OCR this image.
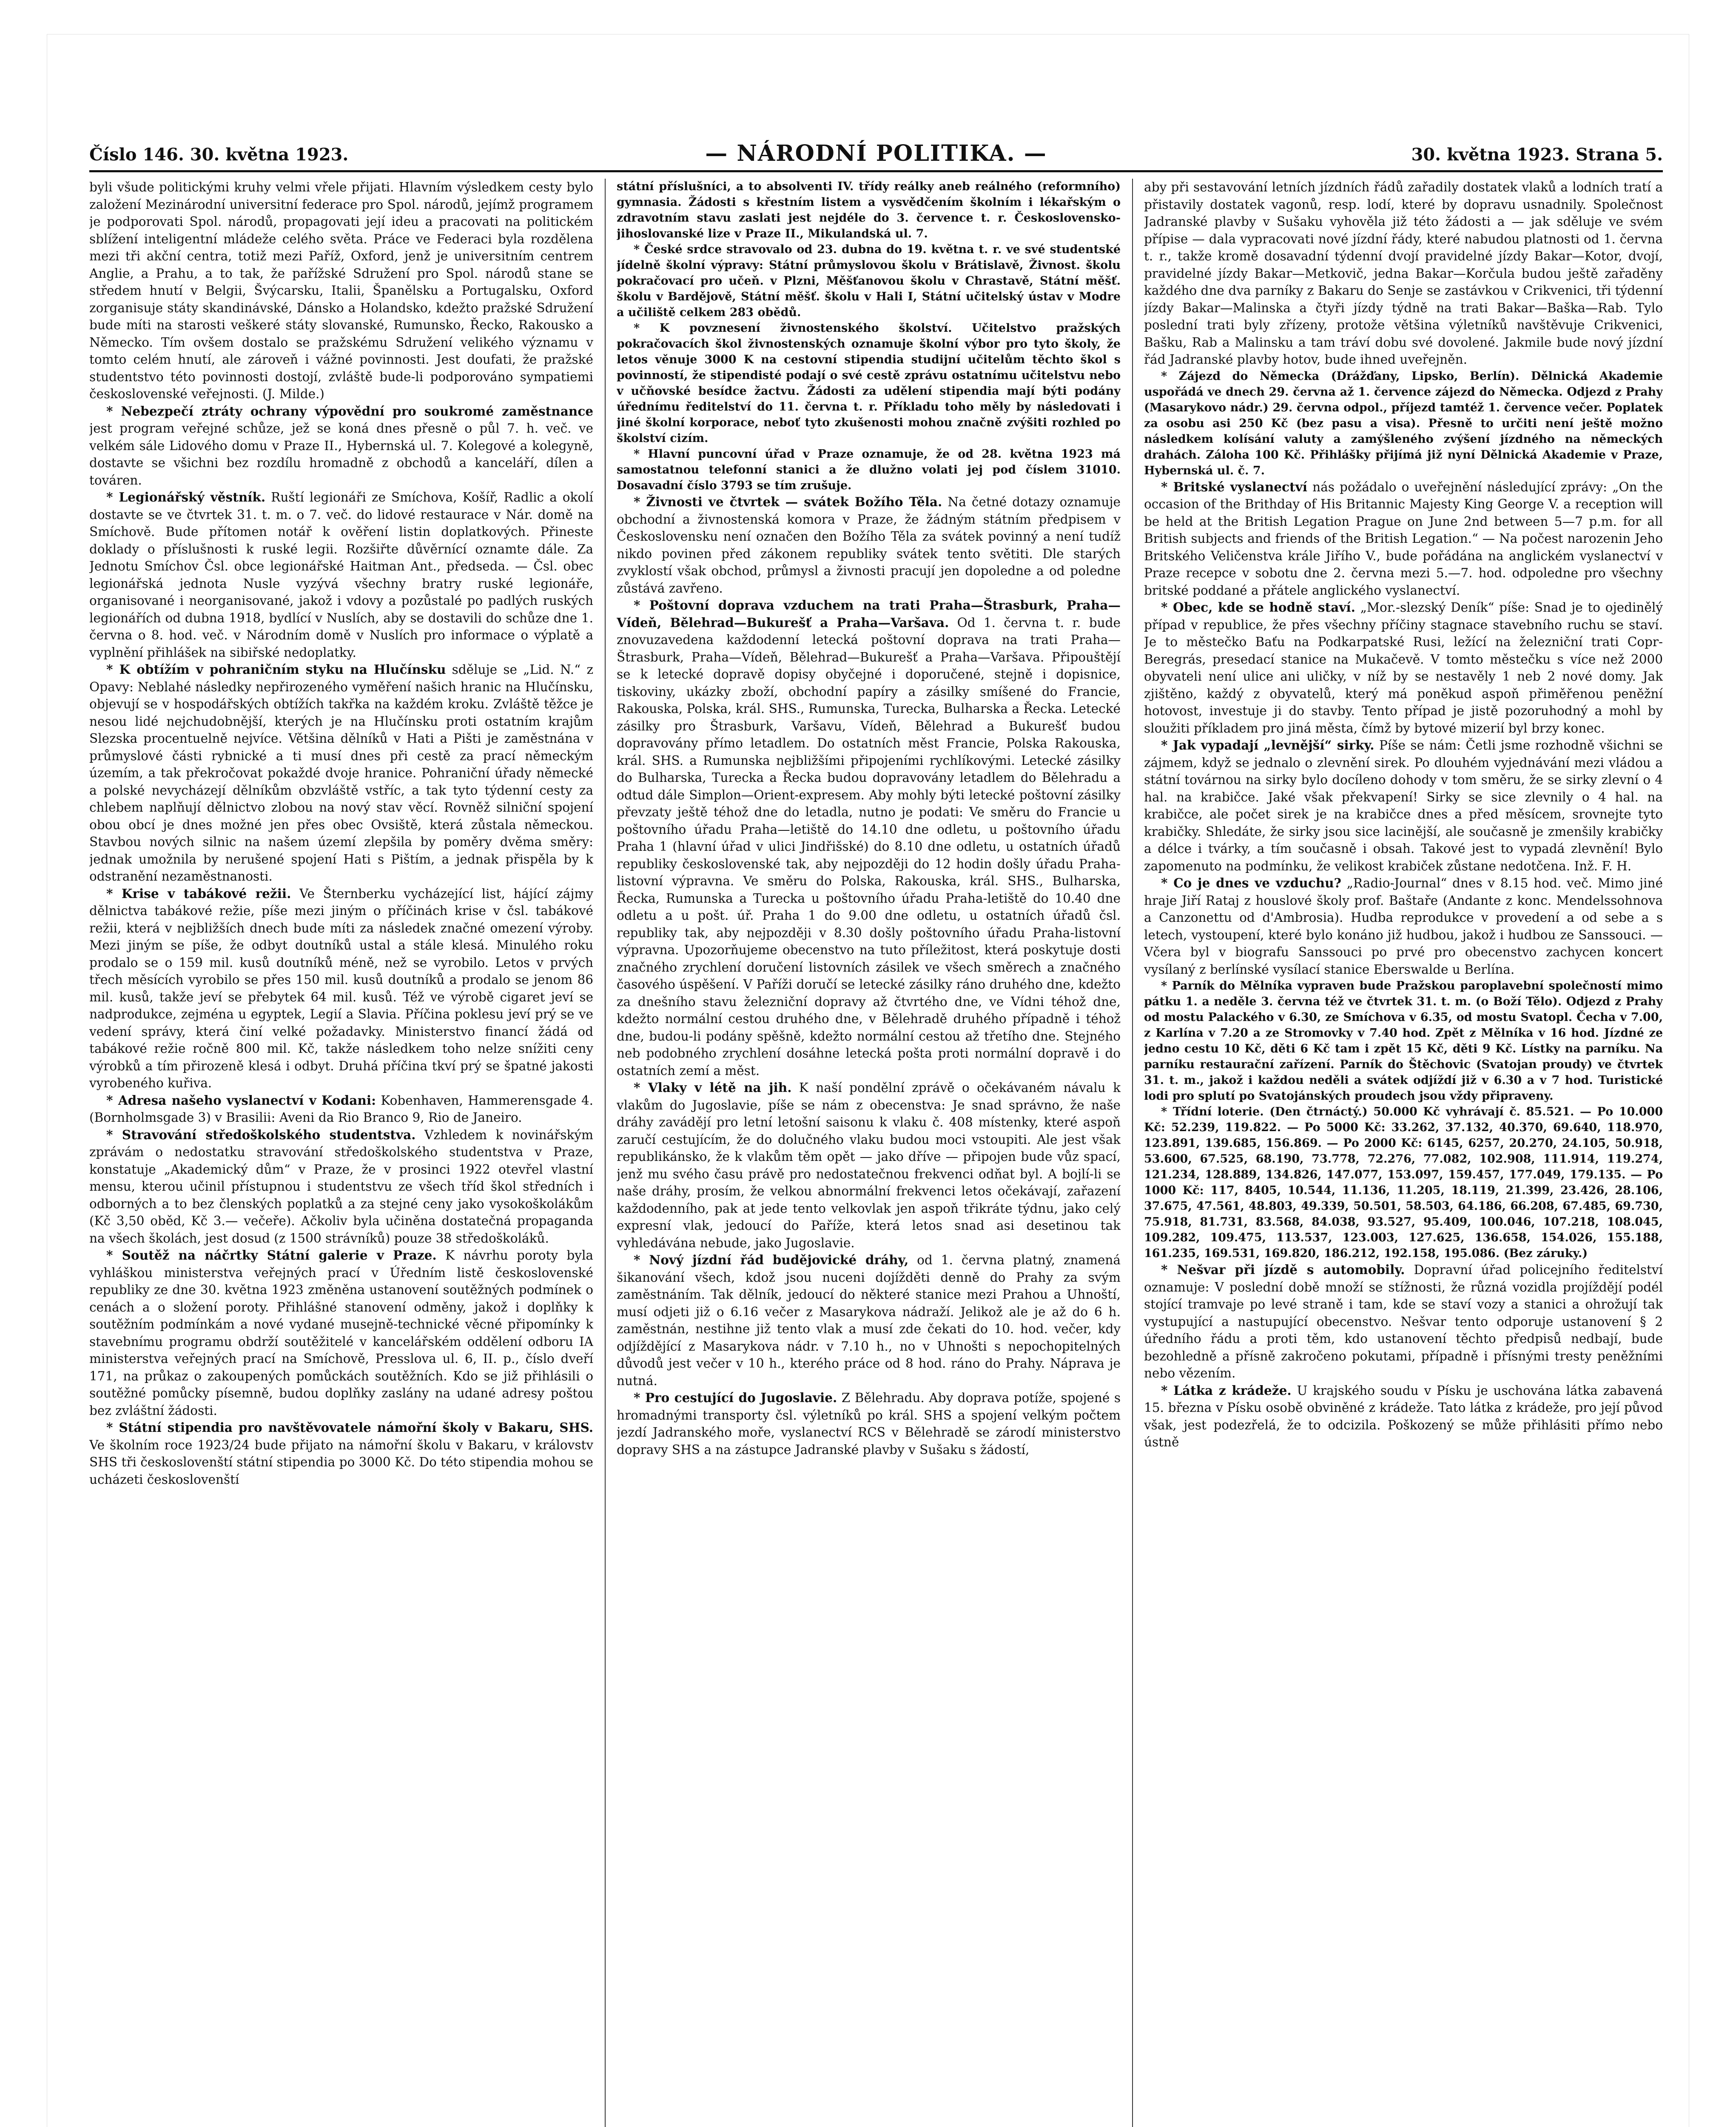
Číslo 146. 30. května 1923.	— NÁRODNÍ POLITIKA. —	30. května 1923. Strana 5.

byli všude politickými kruhy velmi vřele přijati. Hlavním výsledkem cesty bylo založení Mezinárodní universitní federace pro Spol. národů, jejímž programem je podporovati Spol. národů, propagovati její ideu a pracovati na politickém sblížení inteligentní mládeže celého světa. Práce ve Federaci byla rozdělena mezi tři akční centra, totiž mezi Paříž, Oxford, jenž je universitním centrem Anglie, a Prahu, a to tak, že pařížské Sdružení pro Spol. národů stane se středem hnutí v Belgii, Švýcarsku, Italii, Španělsku a Portugalsku, Oxford zorganisuje státy skandinávské, Dánsko a Holandsko, kdežto pražské Sdružení bude míti na starosti veškeré státy slovanské, Rumunsko, Řecko, Rakousko a Německo. Tím ovšem dostalo se pražskému Sdružení velikého významu v tomto celém hnutí, ale zároveň i vážné povinnosti. Jest doufati, že pražské studentstvo této povinnosti dostojí, zvláště bude-li podporováno sympatiemi československé veřejnosti. (J. Milde.)

* Nebezpečí ztráty ochrany výpovědní pro soukromé zaměstnance jest program veřejné schůze, jež se koná dnes přesně o půl 7. h. več. ve velkém sále Lidového domu v Praze II., Hybernská ul. 7. Kolegové a kolegyně, dostavte se všichni bez rozdílu hromadně z obchodů a kanceláří, dílen a továren.

* Legionářský věstník. Ruští legionáři ze Smíchova, Košíř, Radlic a okolí dostavte se ve čtvrtek 31. t. m. o 7. več. do lidové restaurace v Nár. domě na Smíchově. Bude přítomen notář k ověření listin doplatkových. Přineste doklady o příslušnosti k ruské legii. Rozšiřte důvěrnící oznamte dále. Za Jednotu Smíchov Čsl. obce legionářské Haitman Ant., předseda. — Čsl. obec legionářská jednota Nusle vyzývá všechny bratry ruské legionáře, organisované i neorganisované, jakož i vdovy a pozůstalé po padlých ruských legionářích od dubna 1918, bydlící v Nuslích, aby se dostavili do schůze dne 1. června o 8. hod. več. v Národním domě v Nuslích pro informace o výplatě a vyplnění přihlášek na sibiřské nedoplatky.

* K obtížím v pohraničním styku na Hlučínsku sděluje se „Lid. N.“ z Opavy: Neblahé následky nepřirozeného vyměření našich hranic na Hlučínsku, objevují se v hospodářských obtížích takřka na každém kroku. Zvláště těžce je nesou lidé nejchudobnější, kterých je na Hlučínsku proti ostatním krajům Slezska procentuelně nejvíce. Většina dělníků v Hati a Pišti je zaměstnána v průmyslové části rybnické a ti musí dnes při cestě za prací německým územím, a tak překročovat pokaždé dvoje hranice. Pohraniční úřady německé a polské nevycházejí dělníkům obzvláště vstříc, a tak tyto týdenní cesty za chlebem naplňují dělnictvo zlobou na nový stav věcí. Rovněž silniční spojení obou obcí je dnes možné jen přes obec Ovsiště, která zůstala německou. Stavbou nových silnic na našem území zlepšila by poměry dvěma směry: jednak umožnila by nerušené spojení Hati s Pištím, a jednak přispěla by k odstranění nezaměstnanosti.

* Krise v tabákové režii. Ve Šternberku vycházející list, hájící zájmy dělnictva tabákové režie, píše mezi jiným o příčinách krise v čsl. tabákové režii, která v nejbližších dnech bude míti za následek značné omezení výroby. Mezi jiným se píše, že odbyt doutníků ustal a stále klesá. Minulého roku prodalo se o 159 mil. kusů doutníků méně, než se vyrobilo. Letos v prvých třech měsících vyrobilo se přes 150 mil. kusů doutníků a prodalo se jenom 86 mil. kusů, takže jeví se přebytek 64 mil. kusů. Též ve výrobě cigaret jeví se nadprodukce, zejména u egyptek, Legií a Slavia. Příčina poklesu jeví prý se ve vedení správy, která činí velké požadavky. Ministerstvo financí žádá od tabákové režie ročně 800 mil. Kč, takže následkem toho nelze snížiti ceny výrobků a tím přirozeně klesá i odbyt. Druhá příčina tkví prý se špatné jakosti vyrobeného kuřiva.

* Adresa našeho vyslanectví v Kodani: Kobenhaven, Hammerensgade 4. (Bornholmsgade 3) v Brasilii: Aveni da Rio Branco 9, Rio de Janeiro.

* Stravování středoškolského studentstva. Vzhledem k novinářským zprávám o nedostatku stravování středoškolského studentstva v Praze, konstatuje „Akademický dům“ v Praze, že v prosinci 1922 otevřel vlastní mensu, kterou učinil přístupnou i studentstvu ze všech tříd škol středních i odborných a to bez členských poplatků a za stejné ceny jako vysokoškolákům (Kč 3,50 oběd, Kč 3.— večeře). Ačkoliv byla učiněna dostatečná propaganda na všech školách, jest dosud (z 1500 strávníků) pouze 38 středoškoláků.

* Soutěž na náčrtky Státní galerie v Praze. K návrhu poroty byla vyhláškou ministerstva veřejných prací v Úředním listě československé republiky ze dne 30. května 1923 změněna ustanovení soutěžných podmínek o cenách a o složení poroty. Přihlášné stanovení odměny, jakož i doplňky k soutěžním podmínkám a nové vydané musejně-technické věcné připomínky k stavebnímu programu obdrží soutěžitelé v kancelářském oddělení odboru IA ministerstva veřejných prací na Smíchově, Presslova ul. 6, II. p., číslo dveří 171, na průkaz o zakoupených pomůckách soutěžních. Kdo se již přihlásili o soutěžné pomůcky písemně, budou doplňky zaslány na udané adresy poštou bez zvláštní žádosti.

* Státní stipendia pro navštěvovatele námořní školy v Bakaru, SHS. Ve školním roce 1923/24 bude přijato na námořní školu v Bakaru, v královstv SHS tři českoslovenští státní stipendia po 3000 Kč. Do této stipendia mohou se ucházeti českoslovenští

státní příslušníci, a to absolventi IV. třídy reálky aneb reálného (reformního) gymnasia. Žádosti s křestním listem a vysvědčením školním i lékařským o zdravotním stavu zaslati jest nejdéle do 3. července t. r. Československo-jihoslovanské lize v Praze II., Mikulandská ul. 7.

* České srdce stravovalo od 23. dubna do 19. května t. r. ve své studentské jídelně školní výpravy: Státní průmyslovou školu v Brátislavě, Živnost. školu pokračovací pro učeň. v Plzni, Měšťanovou školu v Chrastavě, Státní měšť. školu v Bardějově, Státní měšť. školu v Hali I, Státní učitelský ústav v Modre a učiliště celkem 283 obědů.

* K povznesení živnostenského školství. Učitelstvo pražských pokračovacích škol živnostenských oznamuje školní výbor pro tyto školy, že letos věnuje 3000 K na cestovní stipendia studijní učitelům těchto škol s povinností, že stipendisté podají o své cestě zprávu ostatnímu učitelstvu nebo v učňovské besídce žactvu. Žádosti za udělení stipendia mají býti podány úřednímu ředitelství do 11. června t. r. Příkladu toho měly by následovati i jiné školní korporace, neboť tyto zkušenosti mohou značně zvýšiti rozhled po školství cizím.

* Hlavní puncovní úřad v Praze oznamuje, že od 28. května 1923 má samostatnou telefonní stanici a že dlužno volati jej pod číslem 31010. Dosavadní číslo 3793 se tím zrušuje.

* Živnosti ve čtvrtek — svátek Božího Těla. Na četné dotazy oznamuje obchodní a živnostenská komora v Praze, že žádným státním předpisem v Československu není označen den Božího Těla za svátek povinný a není tudíž nikdo povinen před zákonem republiky svátek tento světiti. Dle starých zvyklostí však obchod, průmysl a živnosti pracují jen dopoledne a od poledne zůstává zavřeno.

* Poštovní doprava vzduchem na trati Praha—Štrasburk, Praha—Vídeň, Bělehrad—Bukurešť a Praha—Varšava. Od 1. června t. r. bude znovuzavedena každodenní letecká poštovní doprava na trati Praha—Štrasburk, Praha—Vídeň, Bělehrad—Bukurešť a Praha—Varšava. Připouštějí se k letecké dopravě dopisy obyčejné i doporučené, stejně i dopisnice, tiskoviny, ukázky zboží, obchodní papíry a zásilky smíšené do Francie, Rakouska, Polska, král. SHS., Rumunska, Turecka, Bulharska a Řecka. Letecké zásilky pro Štrasburk, Varšavu, Vídeň, Bělehrad a Bukurešť budou dopravovány přímo letadlem. Do ostatních měst Francie, Polska Rakouska, král. SHS. a Rumunska nejbližšími připojeními rychlíkovými. Letecké zásilky do Bulharska, Turecka a Řecka budou dopravovány letadlem do Bělehradu a odtud dále Simplon—Orient-expresem. Aby mohly býti letecké poštovní zásilky převzaty ještě téhož dne do letadla, nutno je podati: Ve směru do Francie u poštovního úřadu Praha—letiště do 14.10 dne odletu, u poštovního úřadu Praha 1 (hlavní úřad v ulici Jindřišské) do 8.10 dne odletu, u ostatních úřadů republiky československé tak, aby nejpozději do 12 hodin došly úřadu Praha-listovní výpravna. Ve směru do Polska, Rakouska, král. SHS., Bulharska, Řecka, Rumunska a Turecka u poštovního úřadu Praha-letiště do 10.40 dne odletu a u pošt. úř. Praha 1 do 9.00 dne odletu, u ostatních úřadů čsl. republiky tak, aby nejpozději v 8.30 došly poštovního úřadu Praha-listovní výpravna. Upozorňujeme obecenstvo na tuto příležitost, která poskytuje dosti značného zrychlení doručení listovních zásilek ve všech směrech a značného časového úspěšení. V Paříži doručí se letecké zásilky ráno druhého dne, kdežto za dnešního stavu železniční dopravy až čtvrtého dne, ve Vídni téhož dne, kdežto normální cestou druhého dne, v Bělehradě druhého případně i téhož dne, budou-li podány spěšně, kdežto normální cestou až třetího dne. Stejného neb podobného zrychlení dosáhne letecká pošta proti normální dopravě i do ostatních zemí a měst.

* Vlaky v létě na jih. K naší pondělní zprávě o očekávaném návalu k vlakům do Jugoslavie, píše se nám z obecenstva: Je snad správno, že naše dráhy zavádějí pro letní letošní saisonu k vlaku č. 408 místenky, které aspoň zaručí cestujícím, že do dolučného vlaku budou moci vstoupiti. Ale jest však republikánsko, že k vlakům těm opět — jako dříve — připojen bude vůz spací, jenž mu svého času právě pro nedostatečnou frekvenci odňat byl. A bojlí-li se naše dráhy, prosím, že velkou abnormální frekvenci letos očekávají, zařazení každodenního, pak at jede tento velkovlak jen aspoň třikráte týdnu, jako celý expresní vlak, jedoucí do Paříže, která letos snad asi desetinou tak vyhledávána nebude, jako Jugoslavie.

* Nový jízdní řád budějovické dráhy, od 1. června platný, znamená šikanování všech, kdož jsou nuceni dojížděti denně do Prahy za svým zaměstnáním. Tak dělník, jedoucí do některé stanice mezi Prahou a Uhnoští, musí odjeti již o 6.16 večer z Masarykova nádraží. Jelikož ale je až do 6 h. zaměstnán, nestihne již tento vlak a musí zde čekati do 10. hod. večer, kdy odjíždějící z Masarykova nádr. v 7.10 h., no v Uhnošti s nepochopitelných důvodů jest večer v 10 h., kterého práce od 8 hod. ráno do Prahy. Náprava je nutná.

* Pro cestující do Jugoslavie. Z Bělehradu. Aby doprava potíže, spojené s hromadnými transporty čsl. výletníků po král. SHS a spojení velkým počtem jezdí Jadranského moře, vyslanectví RCS v Bělehradě se zárodí ministerstvo dopravy SHS a na zástupce Jadranské plavby v Sušaku s žádostí,

aby při sestavování letních jízdních řádů zařadily dostatek vlaků a lodních tratí a přistavily dostatek vagonů, resp. lodí, které by dopravu usnadnily. Společnost Jadranské plavby v Sušaku vyhověla již této žádosti a — jak sděluje ve svém přípise — dala vypracovati nové jízdní řády, které nabudou platnosti od 1. června t. r., takže kromě dosavadní týdenní dvojí pravidelné jízdy Bakar—Kotor, dvojí, pravidelné jízdy Bakar—Metkovič, jedna Bakar—Korčula budou ještě zařaděny každého dne dva parníky z Bakaru do Senje se zastávkou v Crikvenici, tři týdenní jízdy Bakar—Malinska a čtyři jízdy týdně na trati Bakar—Baška—Rab. Tylo poslední trati byly zřízeny, protože většina výletníků navštěvuje Crikvenici, Bašku, Rab a Malinsku a tam tráví dobu své dovolené. Jakmile bude nový jízdní řád Jadranské plavby hotov, bude ihned uveřejněn.

* Zájezd do Německa (Drážďany, Lipsko, Berlín). Dělnická Akademie uspořádá ve dnech 29. června až 1. července zájezd do Německa. Odjezd z Prahy (Masarykovo nádr.) 29. června odpol., příjezd tamtéž 1. července večer. Poplatek za osobu asi 250 Kč (bez pasu a visa). Přesně to určiti není ještě možno následkem kolísání valuty a zamýšleného zvýšení jízdného na německých drahách. Záloha 100 Kč. Přihlášky přijímá již nyní Dělnická Akademie v Praze, Hybernská ul. č. 7.

* Britské vyslanectví nás požádalo o uveřejnění následující zprávy: „On the occasion of the Brithday of His Britannic Majesty King George V. a reception will be held at the British Legation Prague on June 2nd between 5—7 p.m. for all British subjects and friends of the British Legation.“ — Na počest narozenin Jeho Britského Veličenstva krále Jiřího V., bude pořádána na anglickém vyslanectví v Praze recepce v sobotu dne 2. června mezi 5.—7. hod. odpoledne pro všechny britské poddané a přátele anglického vyslanectví.

* Obec, kde se hodně staví. „Mor.-slezský Deník“ píše: Snad je to ojedinělý případ v republice, že přes všechny příčiny stagnace stavebního ruchu se staví. Je to městečko Baťu na Podkarpatské Rusi, ležící na železniční trati Copr-Beregrás, presedací stanice na Mukačevě. V tomto městečku s více než 2000 obyvateli není ulice ani uličky, v níž by se nestavěly 1 neb 2 nové domy. Jak zjištěno, každý z obyvatelů, který má poněkud aspoň přiměřenou peněžní hotovost, investuje ji do stavby. Tento případ je jistě pozoruhodný a mohl by sloužiti příkladem pro jiná města, čímž by bytové mizerií byl brzy konec.

* Jak vypadají „levnější“ sirky. Píše se nám: Četli jsme rozhodně všichni se zájmem, když se jednalo o zlevnění sirek. Po dlouhém vyjednávání mezi vládou a státní továrnou na sirky bylo docíleno dohody v tom směru, že se sirky zlevní o 4 hal. na krabičce. Jaké však překvapení! Sirky se sice zlevnily o 4 hal. na krabičce, ale počet sirek je na krabičce dnes a před měsícem, srovnejte tyto krabičky. Shledáte, že sirky jsou sice lacinější, ale současně je zmenšily krabičky a délce i tvárky, a tím současně i obsah. Takové jest to vypadá zlevnění! Bylo zapomenuto na podmínku, že velikost krabiček zůstane nedotčena. Inž. F. H.

* Co je dnes ve vzduchu? „Radio-Journal“ dnes v 8.15 hod. več. Mimo jiné hraje Jiří Rataj z houslové školy prof. Baštaře (Andante z konc. Mendelssohnova a Canzonettu od d'Ambrosia). Hudba reprodukce v provedení a od sebe a s letech, vystoupení, které bylo konáno již hudbou, jakož i hudbou ze Sanssouci. — Včera byl v biografu Sanssouci po prvé pro obecenstvo zachycen koncert vysílaný z berlínské vysílací stanice Eberswalde u Berlína.

* Parník do Mělníka vypraven bude Pražskou paroplavební společností mimo pátku 1. a neděle 3. června též ve čtvrtek 31. t. m. (o Boží Tělo). Odjezd z Prahy od mostu Palackého v 6.30, ze Smíchova v 6.35, od mostu Svatopl. Čecha v 7.00, z Karlína v 7.20 a ze Stromovky v 7.40 hod. Zpět z Mělníka v 16 hod. Jízdné ze jedno cestu 10 Kč, děti 6 Kč tam i zpět 15 Kč, děti 9 Kč. Lístky na parníku. Na parníku restaurační zařízení. Parník do Štěchovic (Svatojan proudy) ve čtvrtek 31. t. m., jakož i každou neděli a svátek odjíždí již v 6.30 a v 7 hod. Turistické lodi pro splutí po Svatojánských proudech jsou vždy připraveny.

* Třídní loterie. (Den čtrnáctý.) 50.000 Kč vyhrávají č. 85.521. — Po 10.000 Kč: 52.239, 119.822. — Po 5000 Kč: 33.262, 37.132, 40.370, 69.640, 118.970, 123.891, 139.685, 156.869. — Po 2000 Kč: 6145, 6257, 20.270, 24.105, 50.918, 53.600, 67.525, 68.190, 73.778, 72.276, 77.082, 102.908, 111.914, 119.274, 121.234, 128.889, 134.826, 147.077, 153.097, 159.457, 177.049, 179.135. — Po 1000 Kč: 117, 8405, 10.544, 11.136, 11.205, 18.119, 21.399, 23.426, 28.106, 37.675, 47.561, 48.803, 49.339, 50.501, 58.503, 64.186, 66.208, 67.485, 69.730, 75.918, 81.731, 83.568, 84.038, 93.527, 95.409, 100.046, 107.218, 108.045, 109.282, 109.475, 113.537, 123.003, 127.625, 136.658, 154.026, 155.188, 161.235, 169.531, 169.820, 186.212, 192.158, 195.086. (Bez záruky.)

* Nešvar při jízdě s automobily. Dopravní úřad policejního ředitelství oznamuje: V poslední době množí se stížnosti, že různá vozidla projíždějí podél stojící tramvaje po levé straně i tam, kde se staví vozy a stanici a ohrožují tak vystupující a nastupující obecenstvo. Nešvar tento odporuje ustanovení § 2 úředního řádu a proti těm, kdo ustanovení těchto předpisů nedbají, bude bezohledně a přísně zakročeno pokutami, případně i přísnými tresty peněžními nebo vězením.

* Látka z krádeže. U krajského soudu v Písku je uschována látka zabavená 15. března v Písku osobě obviněné z krádeže. Tato látka z krádeže, pro její původ však, jest podezřelá, že to odcizila. Poškozený se může přihlásiti přímo nebo ústně
